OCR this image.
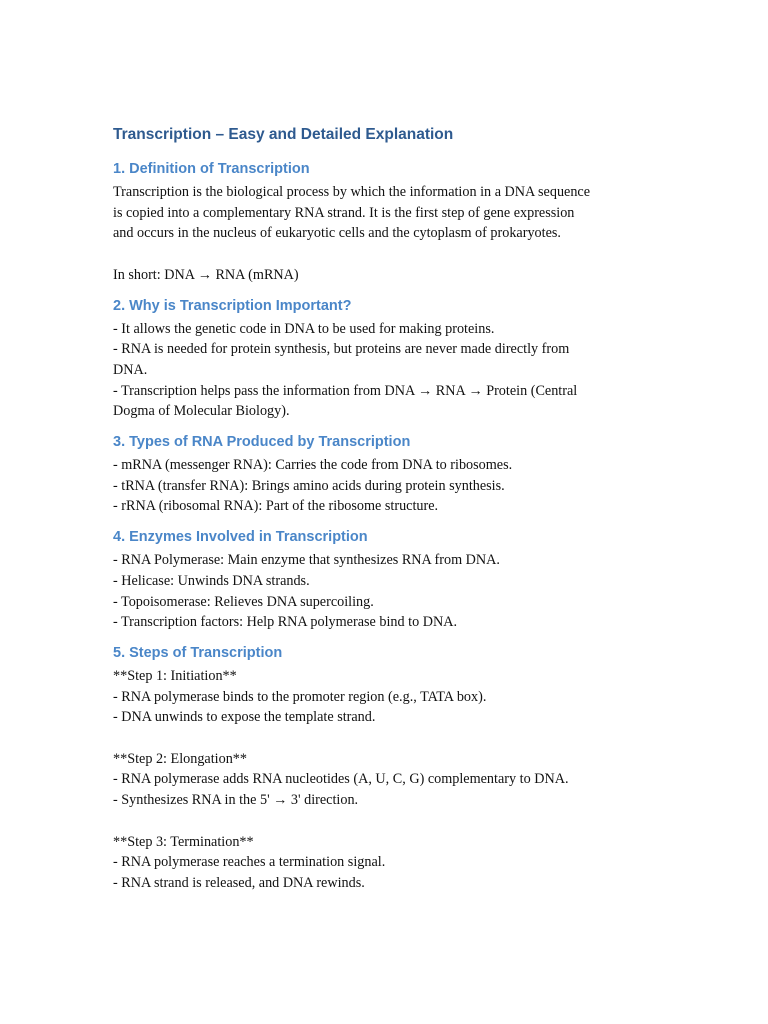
Transcription – Easy and Detailed Explanation
1. Definition of Transcription
Transcription is the biological process by which the information in a DNA sequence
is copied into a complementary RNA strand. It is the first step of gene expression
and occurs in the nucleus of eukaryotic cells and the cytoplasm of prokaryotes.
In short: DNA → RNA (mRNA)
2. Why is Transcription Important?
- It allows the genetic code in DNA to be used for making proteins.
- RNA is needed for protein synthesis, but proteins are never made directly from
DNA.
- Transcription helps pass the information from DNA → RNA → Protein (Central
Dogma of Molecular Biology).
3. Types of RNA Produced by Transcription
- mRNA (messenger RNA): Carries the code from DNA to ribosomes.
- tRNA (transfer RNA): Brings amino acids during protein synthesis.
- rRNA (ribosomal RNA): Part of the ribosome structure.
4. Enzymes Involved in Transcription
- RNA Polymerase: Main enzyme that synthesizes RNA from DNA.
- Helicase: Unwinds DNA strands.
- Topoisomerase: Relieves DNA supercoiling.
- Transcription factors: Help RNA polymerase bind to DNA.
5. Steps of Transcription
**Step 1: Initiation**
- RNA polymerase binds to the promoter region (e.g., TATA box).
- DNA unwinds to expose the template strand.
**Step 2: Elongation**
- RNA polymerase adds RNA nucleotides (A, U, C, G) complementary to DNA.
- Synthesizes RNA in the 5' → 3' direction.
**Step 3: Termination**
- RNA polymerase reaches a termination signal.
- RNA strand is released, and DNA rewinds.
